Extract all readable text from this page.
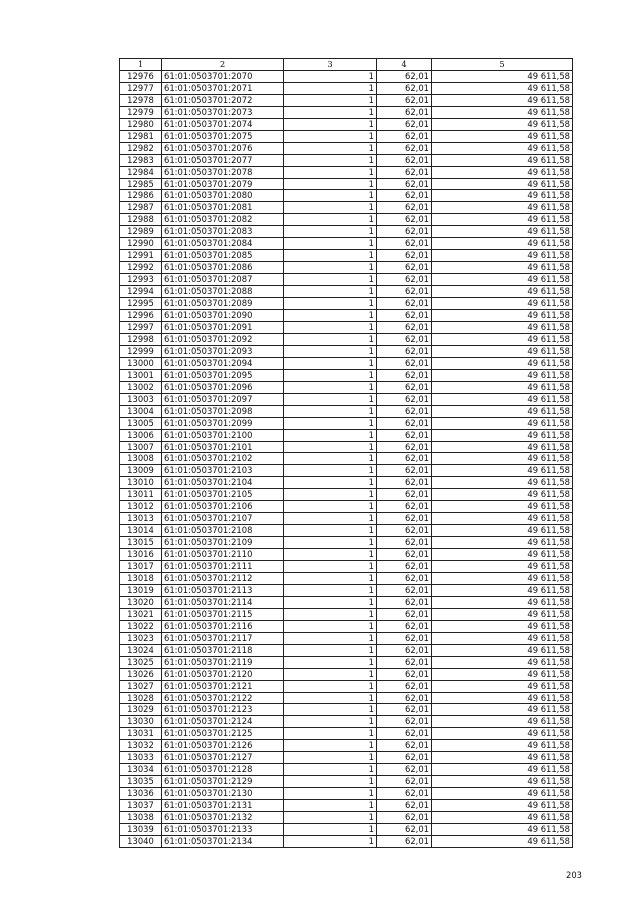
1	2	3	4	5
12976	61:01:0503701:2070	1	62,01	49 611,58
12977	61:01:0503701:2071	1	62,01	49 611,58
12978	61:01:0503701:2072	1	62,01	49 611,58
12979	61:01:0503701:2073	1	62,01	49 611,58
12980	61:01:0503701:2074	1	62,01	49 611,58
12981	61:01:0503701:2075	1	62,01	49 611,58
12982	61:01:0503701:2076	1	62,01	49 611,58
12983	61:01:0503701:2077	1	62,01	49 611,58
12984	61:01:0503701:2078	1	62,01	49 611,58
12985	61:01:0503701:2079	1	62,01	49 611,58
12986	61:01:0503701:2080	1	62,01	49 611,58
12987	61:01:0503701:2081	1	62,01	49 611,58
12988	61:01:0503701:2082	1	62,01	49 611,58
12989	61:01:0503701:2083	1	62,01	49 611,58
12990	61:01:0503701:2084	1	62,01	49 611,58
12991	61:01:0503701:2085	1	62,01	49 611,58
12992	61:01:0503701:2086	1	62,01	49 611,58
12993	61:01:0503701:2087	1	62,01	49 611,58
12994	61:01:0503701:2088	1	62,01	49 611,58
12995	61:01:0503701:2089	1	62,01	49 611,58
12996	61:01:0503701:2090	1	62,01	49 611,58
12997	61:01:0503701:2091	1	62,01	49 611,58
12998	61:01:0503701:2092	1	62,01	49 611,58
12999	61:01:0503701:2093	1	62,01	49 611,58
13000	61:01:0503701:2094	1	62,01	49 611,58
13001	61:01:0503701:2095	1	62,01	49 611,58
13002	61:01:0503701:2096	1	62,01	49 611,58
13003	61:01:0503701:2097	1	62,01	49 611,58
13004	61:01:0503701:2098	1	62,01	49 611,58
13005	61:01:0503701:2099	1	62,01	49 611,58
13006	61:01:0503701:2100	1	62,01	49 611,58
13007	61:01:0503701:2101	1	62,01	49 611,58
13008	61:01:0503701:2102	1	62,01	49 611,58
13009	61:01:0503701:2103	1	62,01	49 611,58
13010	61:01:0503701:2104	1	62,01	49 611,58
13011	61:01:0503701:2105	1	62,01	49 611,58
13012	61:01:0503701:2106	1	62,01	49 611,58
13013	61:01:0503701:2107	1	62,01	49 611,58
13014	61:01:0503701:2108	1	62,01	49 611,58
13015	61:01:0503701:2109	1	62,01	49 611,58
13016	61:01:0503701:2110	1	62,01	49 611,58
13017	61:01:0503701:2111	1	62,01	49 611,58
13018	61:01:0503701:2112	1	62,01	49 611,58
13019	61:01:0503701:2113	1	62,01	49 611,58
13020	61:01:0503701:2114	1	62,01	49 611,58
13021	61:01:0503701:2115	1	62,01	49 611,58
13022	61:01:0503701:2116	1	62,01	49 611,58
13023	61:01:0503701:2117	1	62,01	49 611,58
13024	61:01:0503701:2118	1	62,01	49 611,58
13025	61:01:0503701:2119	1	62,01	49 611,58
13026	61:01:0503701:2120	1	62,01	49 611,58
13027	61:01:0503701:2121	1	62,01	49 611,58
13028	61:01:0503701:2122	1	62,01	49 611,58
13029	61:01:0503701:2123	1	62,01	49 611,58
13030	61:01:0503701:2124	1	62,01	49 611,58
13031	61:01:0503701:2125	1	62,01	49 611,58
13032	61:01:0503701:2126	1	62,01	49 611,58
13033	61:01:0503701:2127	1	62,01	49 611,58
13034	61:01:0503701:2128	1	62,01	49 611,58
13035	61:01:0503701:2129	1	62,01	49 611,58
13036	61:01:0503701:2130	1	62,01	49 611,58
13037	61:01:0503701:2131	1	62,01	49 611,58
13038	61:01:0503701:2132	1	62,01	49 611,58
13039	61:01:0503701:2133	1	62,01	49 611,58
13040	61:01:0503701:2134	1	62,01	49 611,58
203
